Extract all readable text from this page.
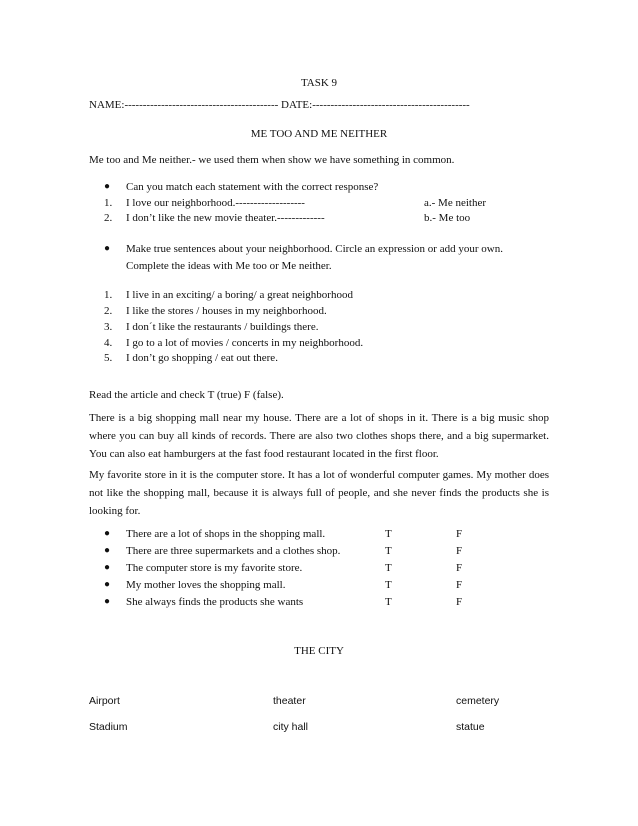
TASK 9
NAME:------------------------------------------ DATE:-------------------------------------------
ME TOO AND ME NEITHER
Me too and Me neither.- we used them when show we have something in common.
● Can you match each statement with the correct response?
1. I love our neighborhood.-------------------	a.- Me neither
2. I don’t like the new movie theater.-------------	b.- Me too
● Make true sentences about your neighborhood. Circle an expression or add your own.
Complete the ideas with Me too or Me neither.
1. I live in an exciting/ a boring/ a great neighborhood
2. I like the stores / houses in my neighborhood.
3. I don´t like the restaurants / buildings there.
4. I go to a lot of movies / concerts in my neighborhood.
5. I don’t go shopping / eat out there.
Read the article and check T (true) F (false).
There is a big shopping mall near my house. There are a lot of shops in it. There is a big music shop where you can buy all kinds of records. There are also two clothes shops there, and a big supermarket. You can also eat hamburgers at the fast food restaurant located in the first floor.
My favorite store in it is the computer store. It has a lot of wonderful computer games. My mother does not like the shopping mall, because it is always full of people, and she never finds the products she is looking for.
● There are a lot of shops in the shopping mall.	T	F
● There are three supermarkets and a clothes shop.	T	F
● The computer store is my favorite store.	T	F
● My mother loves the shopping mall.	T	F
● She always finds the products she wants	T	F
THE CITY
Airport	theater	cemetery
Stadium	city hall	statue
